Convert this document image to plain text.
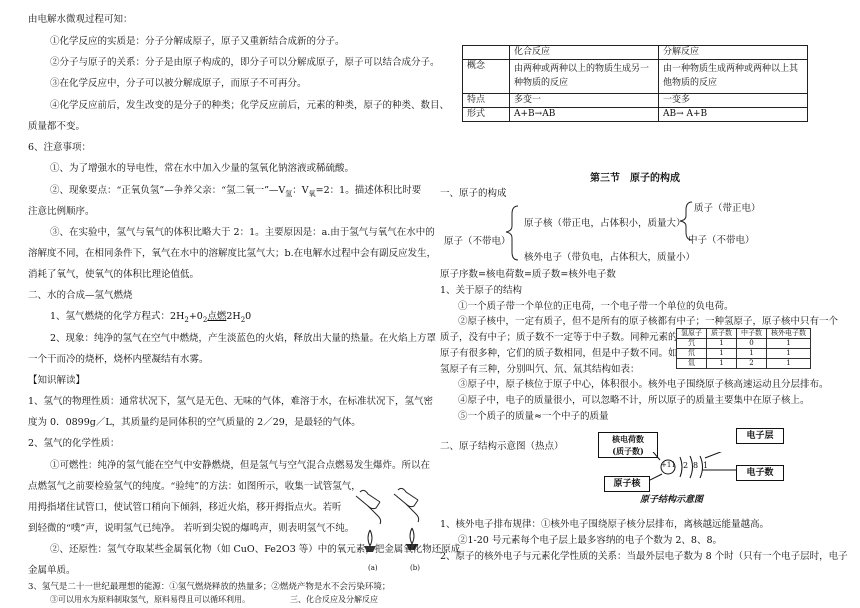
由电解水微观过程可知：
①化学反应的实质是：分子分解成原子，原子又重新结合成新的分子。
②分子与原子的关系：分子是由原子构成的，即分子可以分解成原子，原子可以结合成分子。
③在化学反应中，分子可以被分解成原子，而原子不可再分。
④化学反应前后，发生改变的是分子的种类；化学反应前后，元素的种类，原子的种类、数目、
质量都不变。
6、注意事项：
①、为了增强水的导电性，常在水中加入少量的氢氧化钠溶液或稀硫酸。
②、现象要点：“正氧负氢”—争养父亲：“氢二氧一$”—V_氢$：$V_氧=2$：1。描述体积比时要
注意比例顺序。
③、在实验中，氢气与氧气的体积比略大于 2：1。主要原因是：a.由于氢气与氧气在水中的
溶解度不同，在相同条件下，氧气在水中的溶解度比氢气大；b.在电解水过程中会有副反应发生，
消耗了氧气，使氧气的体积比理论值低。
二、水的合成—氢气燃烧
1、氢气燃烧的化学方程式：$2H_2+0_2$点燃$2H_20$
2、现象：纯净的氢气在空气中燃烧，产生淡蓝色的火焰，释放出大量的热量。在火焰上方罩
一个干而冷的烧杯，烧杯内壁凝结有水雾。
【知识解读】
1、氢气的物理性质：通常状况下，氢气是无色、无味的气体，难溶于水，在标准状况下，氢气密
度为 0．0899g／L，其质量约是同体积的空气质量的 2／29，是最轻的气体。
2、氢气的化学性质：
①可燃性：纯净的氢气能在空气中安静燃烧，但是氢气与空气混合点燃易发生爆炸。所以在
点燃氢气之前要检验氢气的纯度。“验纯”的方法：如图所示，收集一试管氢气，
用拇指堵住试管口，使试管口稍向下倾斜，移近火焰，移开拇指点火。若听
到轻微的“噗”声，说明氢气已纯净。 若听到尖锐的爆鸣声，则表明氢气不纯。
(a)	(b)
②、还原性：氢气夺取某些金属氧化物（如 CuO、Fe2O3 等）中的氧元素，把金属氧化物还原成
金属单质。
	化合反应	分解反应
概念	由两种或两种以上的物质生成另一种物质的反应	由一种物质生成两种或两种以上其他物质的反应
特点	多变一	一变多
形式	A+B→AB	AB→ A+B
第三节　原子的构成
一、原子的构成
原子（不带电）
原子核（带正电，占体积小，质量大）
质子（带正电）
中子（不带电）
核外电子（带负电，占体积大，质量小）
原子序数=核电荷数=质子数=核外电子数
1、关于原子的结构
①一个质子带一个单位的正电荷，一个电子带一个单位的负电荷。
②原子核中，一定有质子，但不是所有的原子核都有中子；一种氢原子，原子核中只有一个
质子，没有中子；质子数不一定等于中子数。同种元素的
原子有很多种，它们的质子数相同，但是中子数不同。如
氢原子有三种，分别叫氕、氘、氚其结构如表：
氢原子	质子数	中子数	核外电子数
氕	1	0	1
氘	1	1	1
氚	1	2	1
③原子中，原子核位于原子中心，体积很小。核外电子围绕原子核高速运动且分层排布。
④原子中，电子的质量很小，可以忽略不计，所以原子的质量主要集中在原子核上。
⑤一个质子的质量≈一个中子的质量
二、原子结构示意图（热点）
核电荷数
(质子数)
电子层
电子数
原子核
+11 2 8 1
原子结构示意图
1、核外电子排布规律：①核外电子围绕原子核分层排布，离核越远能量越高。
②1-20 号元素每个电子层上最多容纳的电子个数为 2、8、8。
2、原子的核外电子与元素化学性质的关系：当最外层电子数为 8 个时（只有一个电子层时，电子
3、氢气是二十一世纪最理想的能源：①氢气燃烧释放的热量多；②燃烧产物是水不会污染环境；
③可以用水为原料制取氢气，原料易得且可以循环利用。	三、化合反应及分解反应
